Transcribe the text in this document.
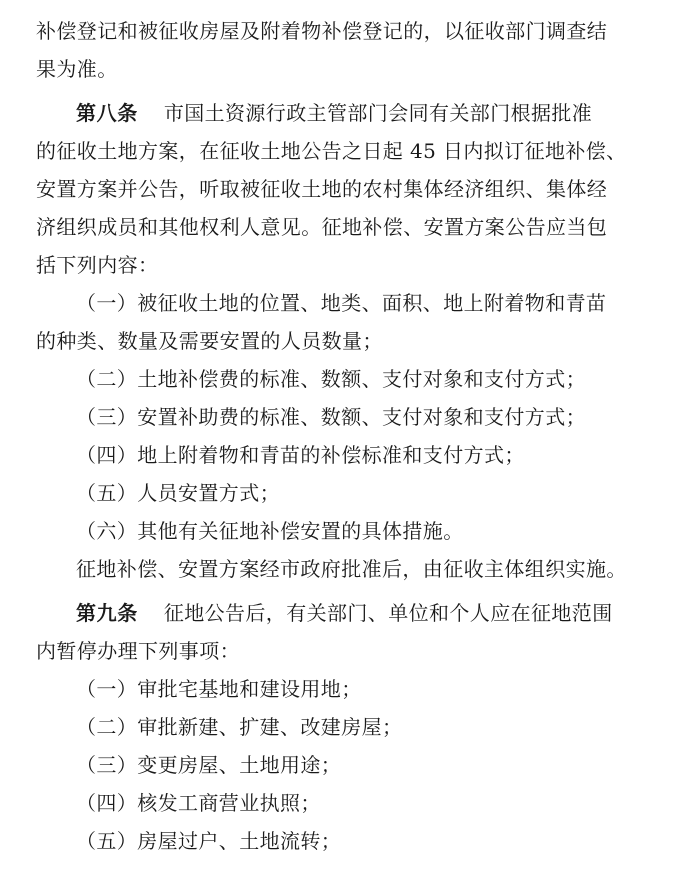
补偿登记和被征收房屋及附着物补偿登记的，以征收部门调查结
果为准。
第八条 市国土资源行政主管部门会同有关部门根据批准
的征收土地方案，在征收土地公告之日起 45 日内拟订征地补偿、
安置方案并公告，听取被征收土地的农村集体经济组织、集体经
济组织成员和其他权利人意见。征地补偿、安置方案公告应当包
括下列内容：
（一）被征收土地的位置、地类、面积、地上附着物和青苗
的种类、数量及需要安置的人员数量；
（二）土地补偿费的标准、数额、支付对象和支付方式；
（三）安置补助费的标准、数额、支付对象和支付方式；
（四）地上附着物和青苗的补偿标准和支付方式；
（五）人员安置方式；
（六）其他有关征地补偿安置的具体措施。
征地补偿、安置方案经市政府批准后，由征收主体组织实施。
第九条 征地公告后，有关部门、单位和个人应在征地范围
内暂停办理下列事项：
（一）审批宅基地和建设用地；
（二）审批新建、扩建、改建房屋；
（三）变更房屋、土地用途；
（四）核发工商营业执照；
（五）房屋过户、土地流转；
